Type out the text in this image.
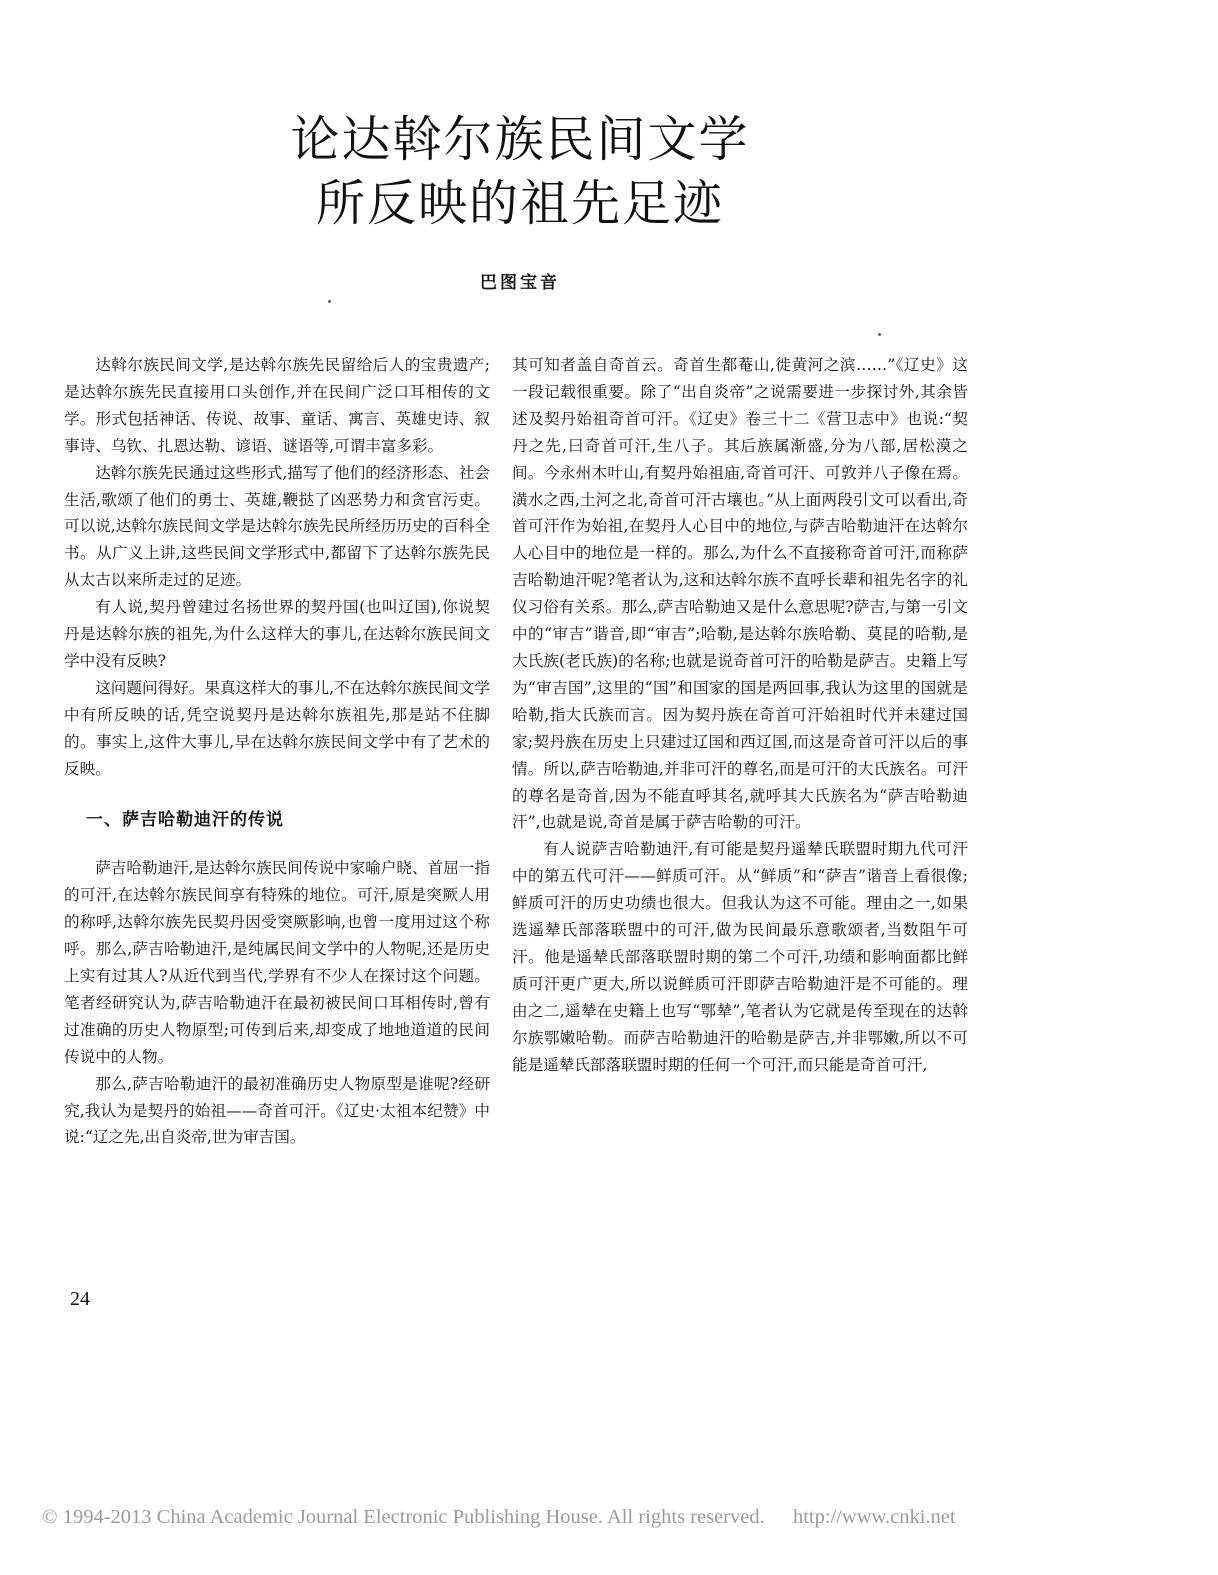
论达斡尔族民间文学
所反映的祖先足迹
巴图宝音

达斡尔族民间文学,是达斡尔族先民留给后人的宝贵遗产;是达斡尔族先民直接用口头创作,并在民间广泛口耳相传的文学。形式包括神话、传说、故事、童话、寓言、英雄史诗、叙事诗、乌钦、扎恩达勒、谚语、谜语等,可谓丰富多彩。

达斡尔族先民通过这些形式,描写了他们的经济形态、社会生活,歌颂了他们的勇士、英雄,鞭挞了凶恶势力和贪官污吏。可以说,达斡尔族民间文学是达斡尔族先民所经历历史的百科全书。从广义上讲,这些民间文学形式中,都留下了达斡尔族先民从太古以来所走过的足迹。

有人说,契丹曾建过名扬世界的契丹国(也叫辽国),你说契丹是达斡尔族的祖先,为什么这样大的事儿,在达斡尔族民间文学中没有反映?

这问题问得好。果真这样大的事儿,不在达斡尔族民间文学中有所反映的话,凭空说契丹是达斡尔族祖先,那是站不住脚的。事实上,这件大事儿,早在达斡尔族民间文学中有了艺术的反映。

一、萨吉哈勒迪汗的传说

萨吉哈勒迪汗,是达斡尔族民间传说中家喻户晓、首屈一指的可汗,在达斡尔族民间享有特殊的地位。可汗,原是突厥人用的称呼,达斡尔族先民契丹因受突厥影响,也曾一度用过这个称呼。那么,萨吉哈勒迪汗,是纯属民间文学中的人物呢,还是历史上实有过其人?从近代到当代,学界有不少人在探讨这个问题。笔者经研究认为,萨吉哈勒迪汗在最初被民间口耳相传时,曾有过准确的历史人物原型;可传到后来,却变成了地地道道的民间传说中的人物。

那么,萨吉哈勒迪汗的最初准确历史人物原型是谁呢?经研究,我认为是契丹的始祖——奇首可汗。《辽史·太祖本纪赞》中说:“辽之先,出自炎帝,世为审吉国。

其可知者盖自奇首云。奇首生都菴山,徙黄河之滨……”《辽史》这一段记载很重要。除了“出自炎帝”之说需要进一步探讨外,其余皆述及契丹始祖奇首可汗。《辽史》卷三十二《营卫志中》也说:“契丹之先,曰奇首可汗,生八子。其后族属渐盛,分为八部,居松漠之间。今永州木叶山,有契丹始祖庙,奇首可汗、可敦并八子像在焉。潢水之西,土河之北,奇首可汗古壤也。”从上面两段引文可以看出,奇首可汗作为始祖,在契丹人心目中的地位,与萨吉哈勒迪汗在达斡尔人心目中的地位是一样的。那么,为什么不直接称奇首可汗,而称萨吉哈勒迪汗呢?笔者认为,这和达斡尔族不直呼长辈和祖先名字的礼仪习俗有关系。那么,萨吉哈勒迪又是什么意思呢?萨吉,与第一引文中的“审吉”谐音,即“审吉”;哈勒,是达斡尔族哈勒、莫昆的哈勒,是大氏族(老氏族)的名称;也就是说奇首可汗的哈勒是萨吉。史籍上写为“审吉国”,这里的“国”和国家的国是两回事,我认为这里的国就是哈勒,指大氏族而言。因为契丹族在奇首可汗始祖时代并未建过国家;契丹族在历史上只建过辽国和西辽国,而这是奇首可汗以后的事情。所以,萨吉哈勒迪,并非可汗的尊名,而是可汗的大氏族名。可汗的尊名是奇首,因为不能直呼其名,就呼其大氏族名为“萨吉哈勒迪汗”,也就是说,奇首是属于萨吉哈勒的可汗。

有人说萨吉哈勒迪汗,有可能是契丹遥辇氏联盟时期九代可汗中的第五代可汗——鲜质可汗。从“鲜质”和“萨吉”谐音上看很像;鲜质可汗的历史功绩也很大。但我认为这不可能。理由之一,如果选遥辇氏部落联盟中的可汗,做为民间最乐意歌颂者,当数阻午可汗。他是遥辇氏部落联盟时期的第二个可汗,功绩和影响面都比鲜质可汗更广更大,所以说鲜质可汗即萨吉哈勒迪汗是不可能的。理由之二,遥辇在史籍上也写“鄂辇”,笔者认为它就是传至现在的达斡尔族鄂嫩哈勒。而萨吉哈勒迪汗的哈勒是萨吉,并非鄂嫩,所以不可能是遥辇氏部落联盟时期的任何一个可汗,而只能是奇首可汗,

24
© 1994-2013 China Academic Journal Electronic Publishing House. All rights reserved. http://www.cnki.net
